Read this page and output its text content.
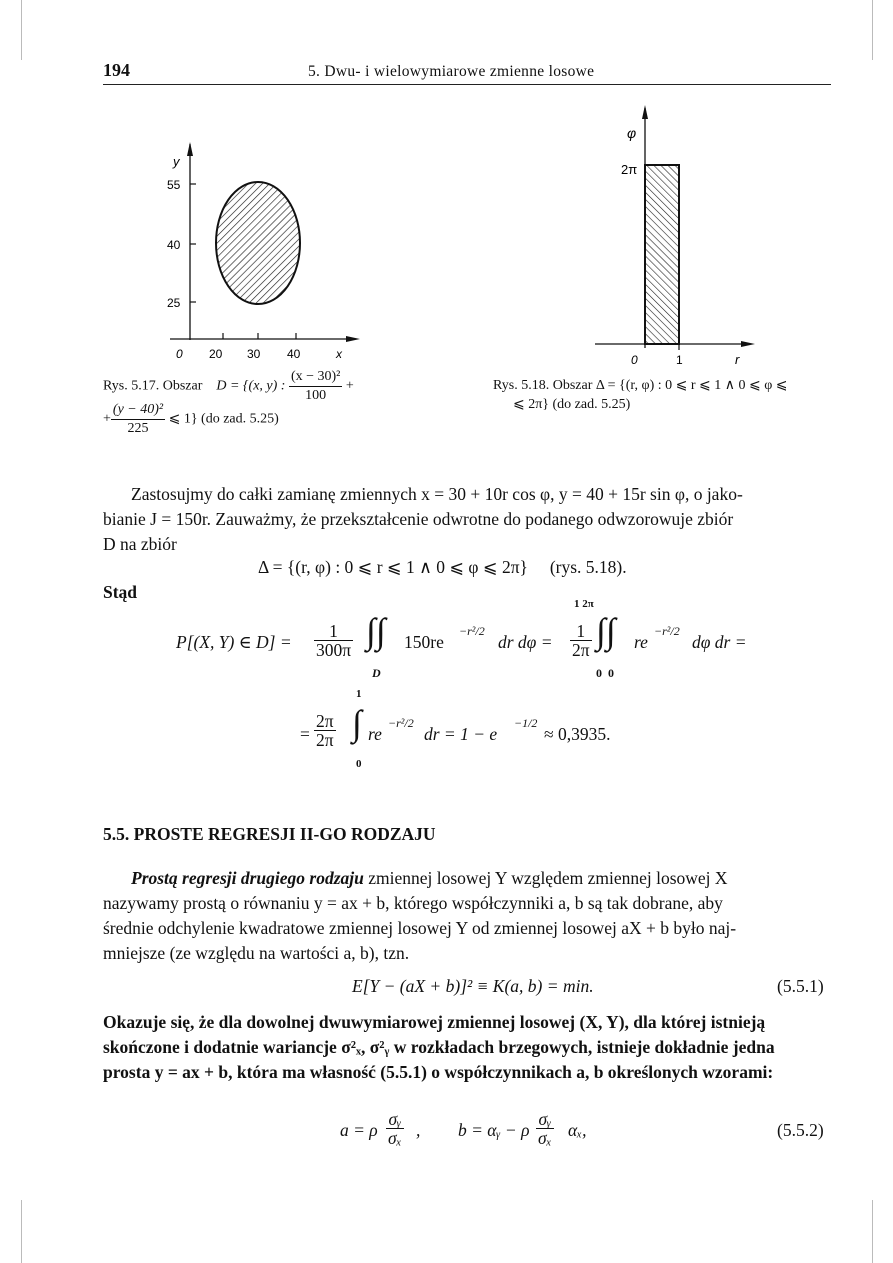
194	5. Dwu- i wielowymiarowe zmienne losowe
y
55
40
25
0 20 30 40	x
Rys. 5.17. Obszar D = {(x, y) : $\frac{\text{(x − 30)²}}{100}$ +
+ $\frac{\text{(y − 40)²}}{225}$ ⩽ 1} (do zad. 5.25)
φ
2π
0	1	r
Rys. 5.18. Obszar Δ = {(r, φ) : 0 ⩽ r ⩽ 1 ∧ 0 ⩽ φ ⩽
⩽ 2π} (do zad. 5.25)
Zastosujmy do całki zamianę zmiennych x = 30 + 10r cos φ, y = 40 + 15r sin φ, o jako-
bianie J = 150r. Zauważmy, że przekształcenie odwrotne do podanego odwzorowuje zbiór
D na zbiór
Δ = {(r, φ) : 0 ⩽ r ⩽ 1 ∧ 0 ⩽ φ ⩽ 2π} (rys. 5.18).
Stąd
P[(X, Y) ∈ $D] = \frac{1}{300\pi}$ ∫∫
D
150re
−r²/2
dr $d\varphi = \frac{1}{2\pi}$
1 2π
∫∫
0  0
re
−r²/2
dφ dr =
= $\frac{2\pi}{2\pi}$
1
∫
0
re
−r²/2
dr = 1 − e
−1/2
≈ 0,3935.
5.5. PROSTE REGRESJI II-GO RODZAJU
Prostą regresji drugiego rodzaju zmiennej losowej Y względem zmiennej losowej X
nazywamy prostą o równaniu y = ax + b, którego współczynniki a, b są tak dobrane, aby
średnie odchylenie kwadratowe zmiennej losowej Y od zmiennej losowej aX + b było naj-
mniejsze (ze względu na wartości a, b), tzn.
E[Y − (aX + b)]² ≡ K(a, b) = min.	(5.5.1)
Okazuje się, że dla dowolnej dwuwymiarowej zmiennej losowej (X, Y), dla której istnieją
skończone i dodatnie wariancje σ²ₓ, σ²ᵧ w rozkładach brzegowych, istnieje dokładnie jedna
prosta y = ax + b, która ma własność (5.5.1) o współczynnikach a, b określonych wzorami:
a = ρ $\frac{\text{σᵧ}}{\text{σₓ}}$ , b = αᵧ − ρ $\frac{\text{σᵧ}}{\text{σₓ}} \alpha_x$,	(5.5.2)
